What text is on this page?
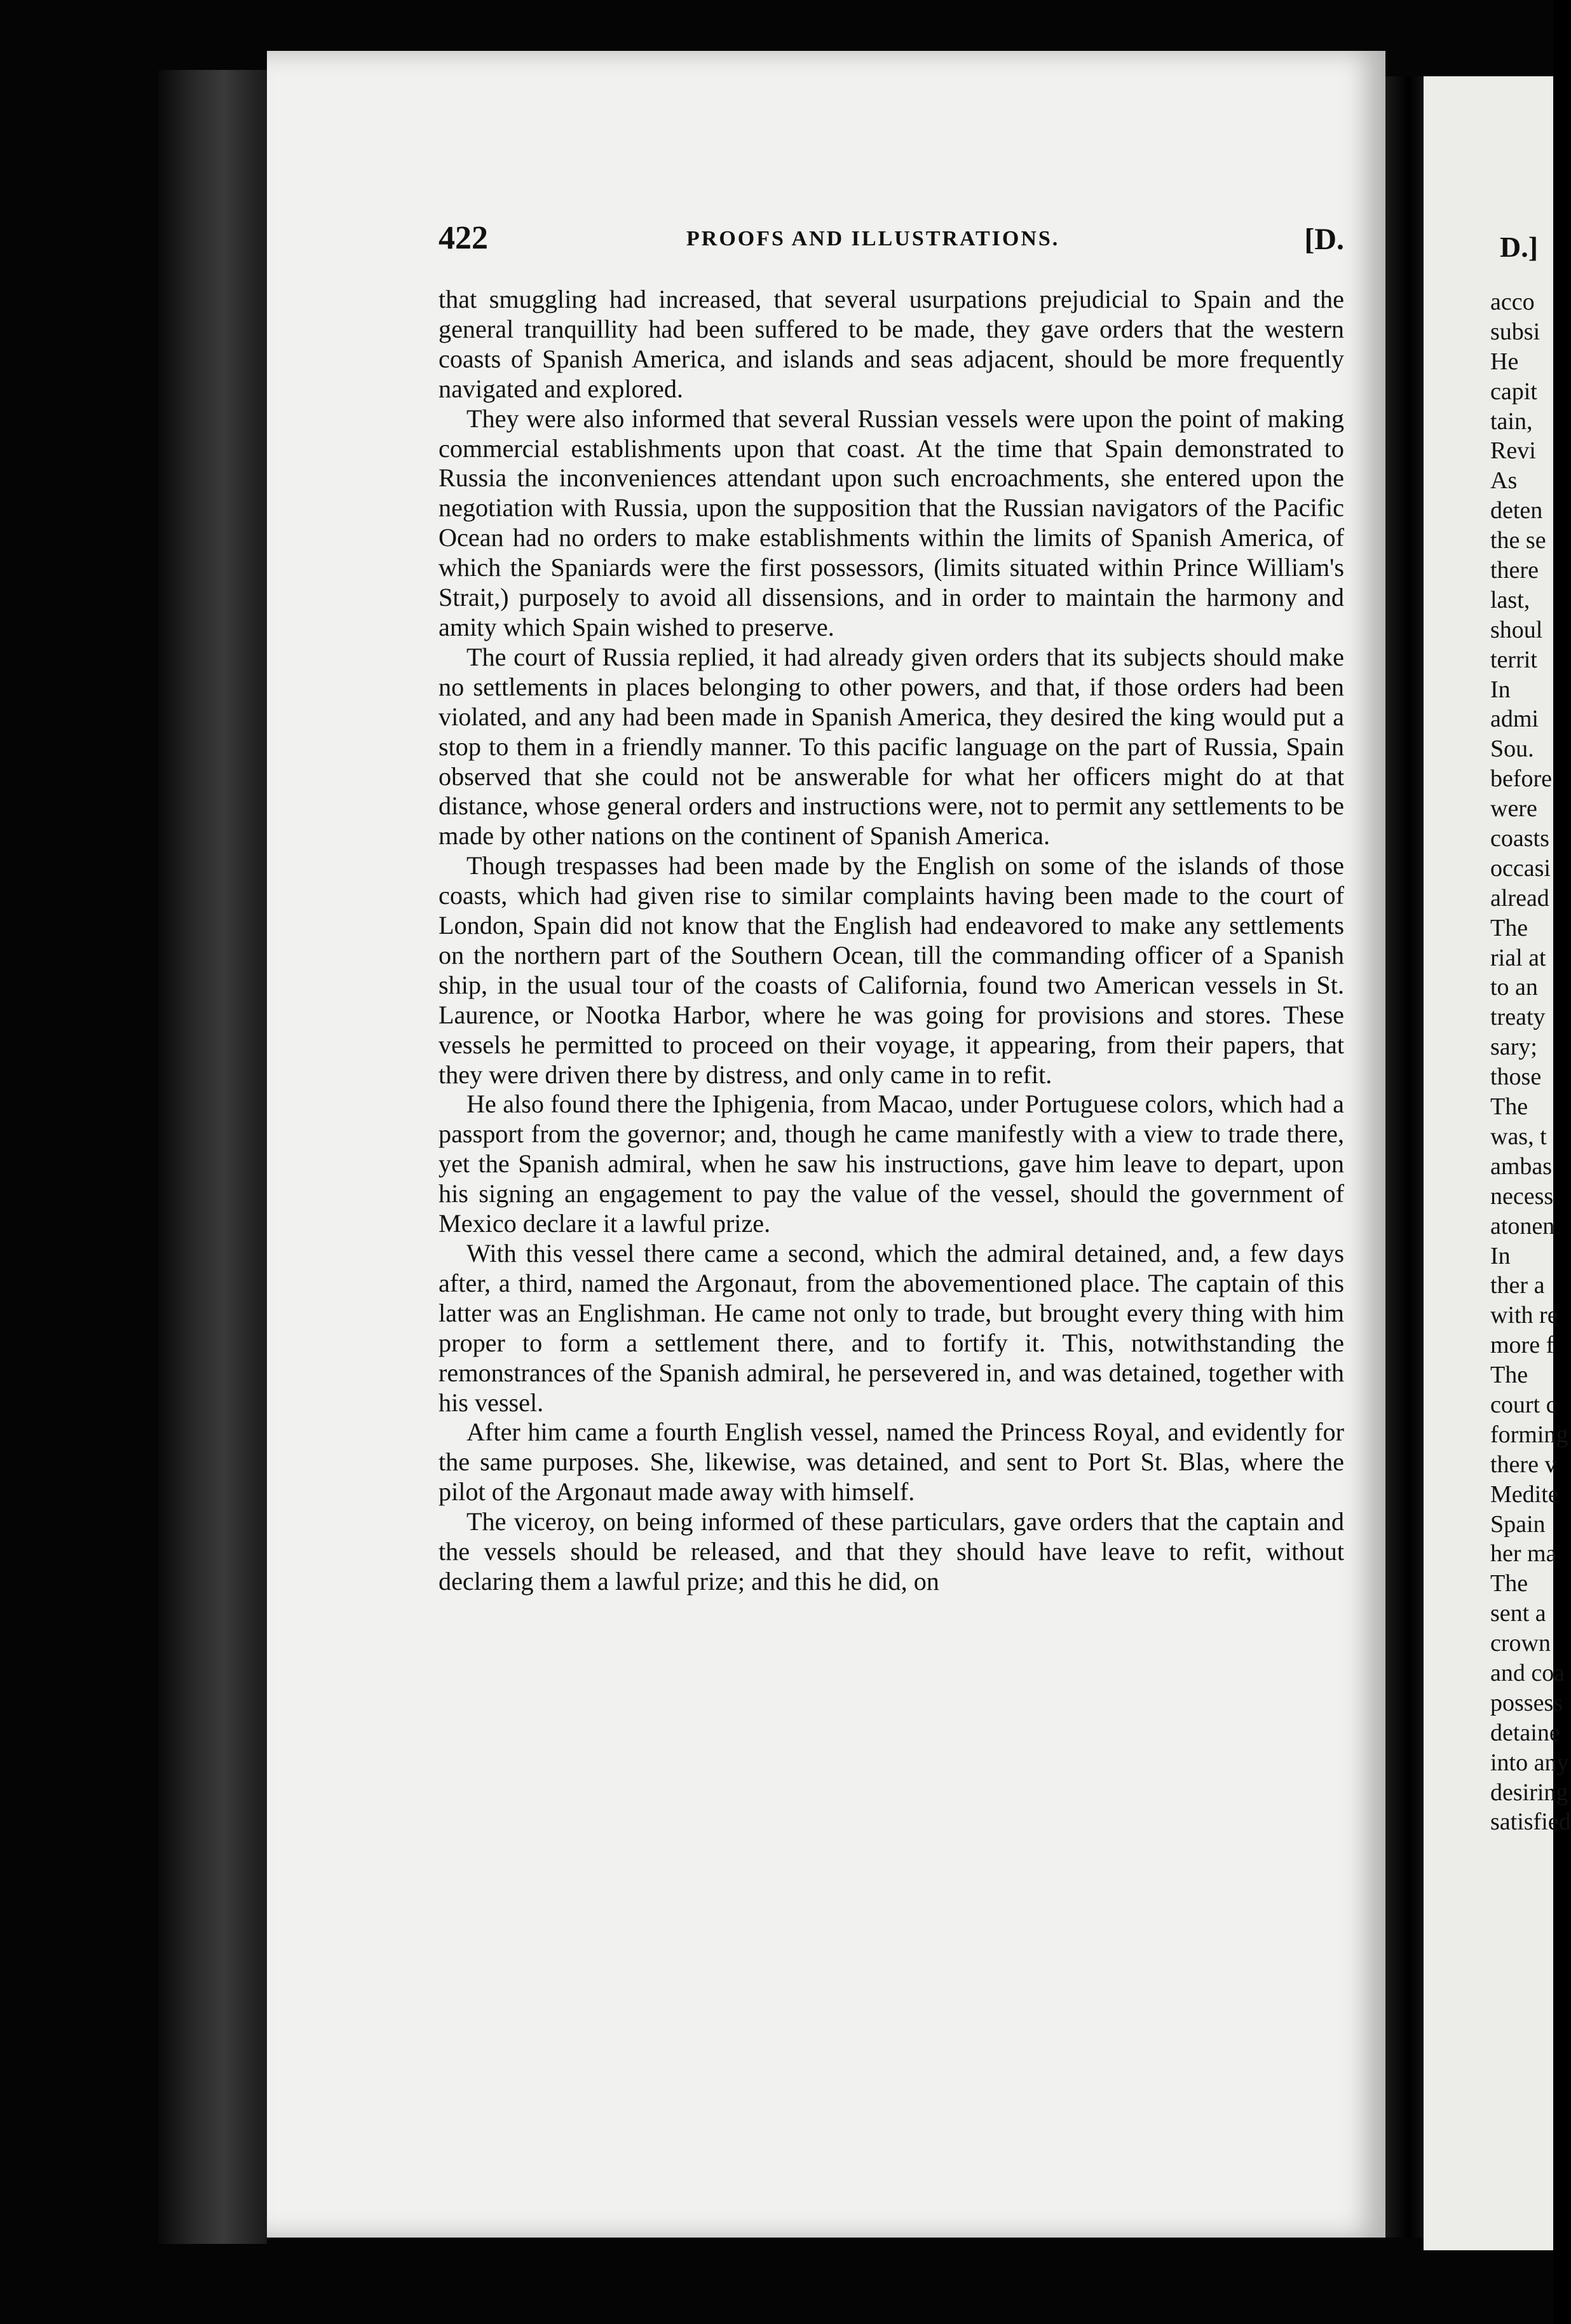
422	PROOFS AND ILLUSTRATIONS.	[D.

that smuggling had increased, that several usurpations prejudicial to Spain and the general tranquillity had been suffered to be made, they gave orders that the western coasts of Spanish America, and islands and seas adjacent, should be more frequently navigated and explored.

They were also informed that several Russian vessels were upon the point of making commercial establishments upon that coast. At the time that Spain demonstrated to Russia the inconveniences attendant upon such encroachments, she entered upon the negotiation with Russia, upon the supposition that the Russian navigators of the Pacific Ocean had no orders to make establishments within the limits of Spanish America, of which the Spaniards were the first possessors, (limits situated within Prince William's Strait,) purposely to avoid all dissensions, and in order to maintain the harmony and amity which Spain wished to preserve.

The court of Russia replied, it had already given orders that its subjects should make no settlements in places belonging to other powers, and that, if those orders had been violated, and any had been made in Spanish America, they desired the king would put a stop to them in a friendly manner. To this pacific language on the part of Russia, Spain observed that she could not be answerable for what her officers might do at that distance, whose general orders and instructions were, not to permit any settlements to be made by other nations on the continent of Spanish America.

Though trespasses had been made by the English on some of the islands of those coasts, which had given rise to similar complaints having been made to the court of London, Spain did not know that the English had endeavored to make any settlements on the northern part of the Southern Ocean, till the commanding officer of a Spanish ship, in the usual tour of the coasts of California, found two American vessels in St. Laurence, or Nootka Harbor, where he was going for provisions and stores. These vessels he permitted to proceed on their voyage, it appearing, from their papers, that they were driven there by distress, and only came in to refit.

He also found there the Iphigenia, from Macao, under Portuguese colors, which had a passport from the governor; and, though he came manifestly with a view to trade there, yet the Spanish admiral, when he saw his instructions, gave him leave to depart, upon his signing an engagement to pay the value of the vessel, should the government of Mexico declare it a lawful prize.

With this vessel there came a second, which the admiral detained, and, a few days after, a third, named the Argonaut, from the abovementioned place. The captain of this latter was an Englishman. He came not only to trade, but brought every thing with him proper to form a settlement there, and to fortify it. This, notwithstanding the remonstrances of the Spanish admiral, he persevered in, and was detained, together with his vessel.

After him came a fourth English vessel, named the Princess Royal, and evidently for the same purposes. She, likewise, was detained, and sent to Port St. Blas, where the pilot of the Argonaut made away with himself.

The viceroy, on being informed of these particulars, gave orders that the captain and the vessels should be released, and that they should have leave to refit, without declaring them a lawful prize; and this he did, on

D.]
acco
subsi
He
capit
tain,
Revi
As
deten
the se
there
last,
shoul
territ
In
admi
Sou.
before
were
coasts
occasi
alread
The
rial at
to an
treaty
sary;
those
The
was, t
ambas
necess
atonen
In
ther a
with re
more f
The
court c
forming
there v
Medite
Spain
her ma
The
sent a
crown
and coa
possess
detaine
into any
desiring
satisfied
